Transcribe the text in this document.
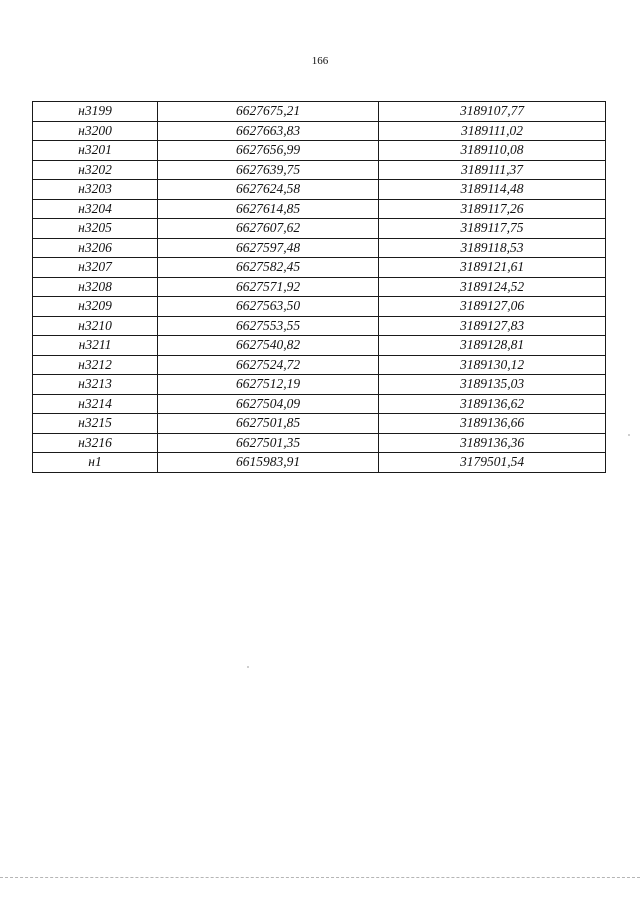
166
н3199	6627675,21	3189107,77
н3200	6627663,83	3189111,02
н3201	6627656,99	3189110,08
н3202	6627639,75	3189111,37
н3203	6627624,58	3189114,48
н3204	6627614,85	3189117,26
н3205	6627607,62	3189117,75
н3206	6627597,48	3189118,53
н3207	6627582,45	3189121,61
н3208	6627571,92	3189124,52
н3209	6627563,50	3189127,06
н3210	6627553,55	3189127,83
н3211	6627540,82	3189128,81
н3212	6627524,72	3189130,12
н3213	6627512,19	3189135,03
н3214	6627504,09	3189136,62
н3215	6627501,85	3189136,66
н3216	6627501,35	3189136,36
н1	6615983,91	3179501,54
